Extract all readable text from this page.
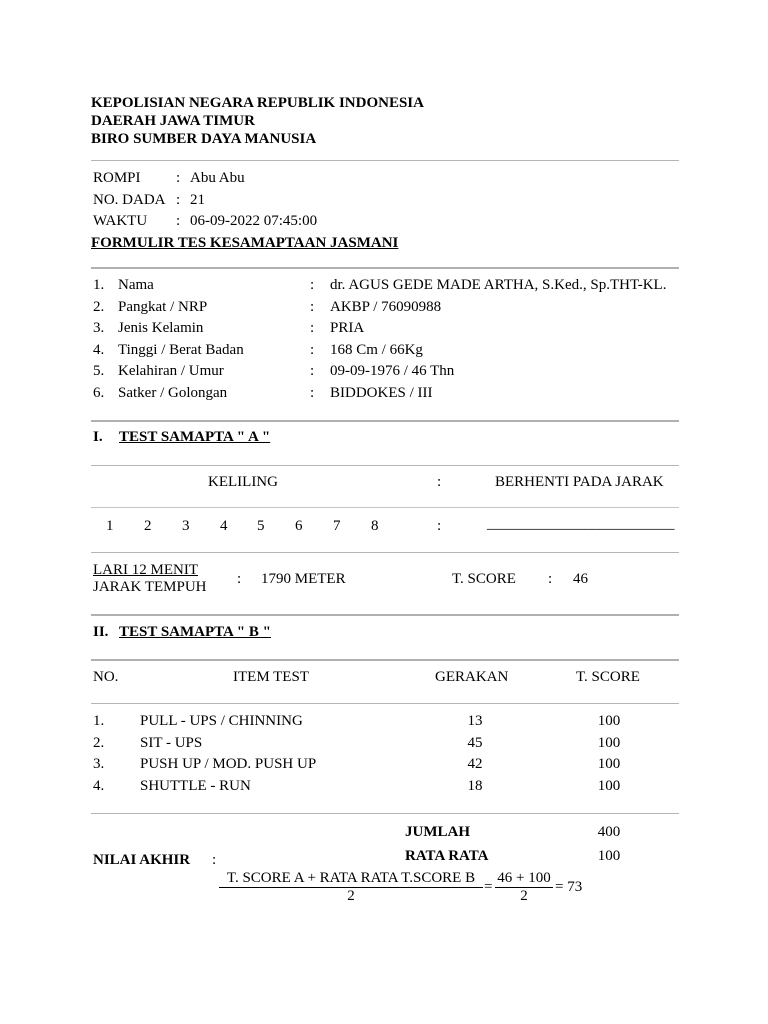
KEPOLISIAN NEGARA REPUBLIK INDONESIA
DAERAH JAWA TIMUR
BIRO SUMBER DAYA MANUSIA
ROMPI : Abu Abu
NO. DADA : 21
WAKTU : 06-09-2022 07:45:00
FORMULIR TES KESAMAPTAAN JASMANI
1. Nama	: dr. AGUS GEDE MADE ARTHA, S.Ked., Sp.THT-KL.
2. Pangkat / NRP	: AKBP / 76090988
3. Jenis Kelamin	: PRIA
4. Tinggi / Berat Badan	: 168 Cm / 66Kg
5. Kelahiran / Umur	: 09-09-1976 / 46 Thn
6. Satker / Golongan	: BIDDOKES / III
I. TEST SAMAPTA " A "
KELILING	:	BERHENTI PADA JARAK
1 2 3 4 5 6 7 8	:	_________________________
LARI 12 MENIT
JARAK TEMPUH : 1790 METER	T. SCORE : 46
II. TEST SAMAPTA " B "
NO.	ITEM TEST	GERAKAN	T. SCORE
1. PULL - UPS / CHINNING	13	100
2. SIT - UPS	45	100
3. PUSH UP / MOD. PUSH UP	42	100
4. SHUTTLE - RUN	18	100
JUMLAH	400
RATA RATA	100
NILAI AKHIR :
T. SCORE A + RATA RATA T.SCORE B
2
=
46 + 100
2
= 73
